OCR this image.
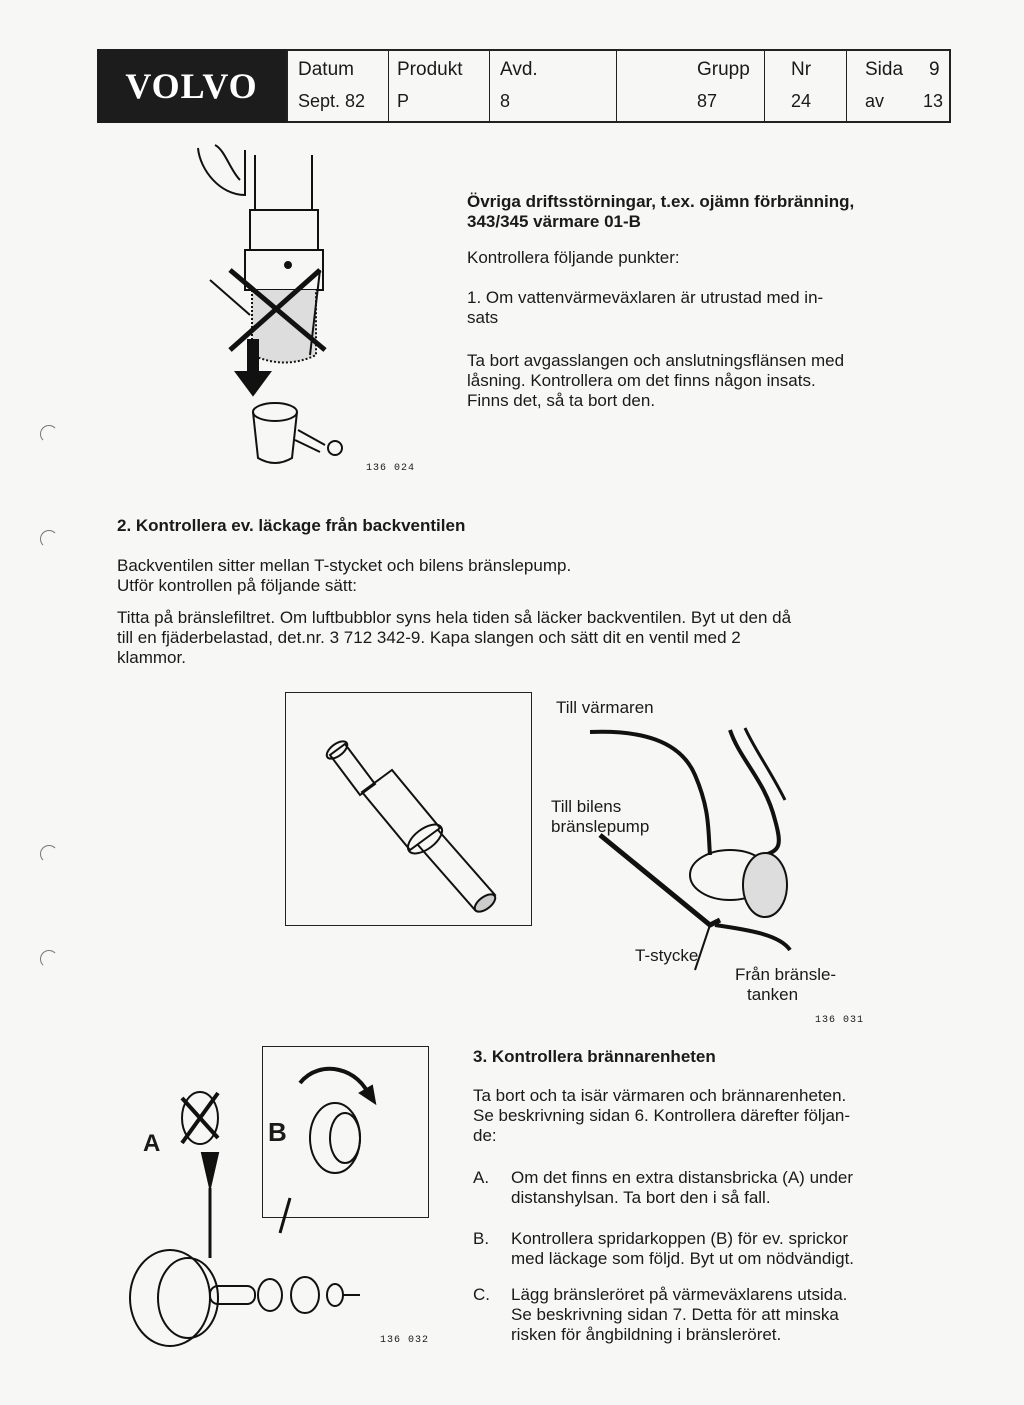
VOLVO Datum
Sept. 82
Produkt
P
Avd.
8
Grupp
87
Nr
24
Sida 9
av 13
136 024
Övriga driftsstörningar, t.ex. ojämn förbränning,
343/345 värmare 01-B
Kontrollera följande punkter:
1. Om vattenvärmeväxlaren är utrustad med in-
sats
Ta bort avgasslangen och anslutningsflänsen med
låsning. Kontrollera om det finns någon insats.
Finns det, så ta bort den.
2. Kontrollera ev. läckage från backventilen
Backventilen sitter mellan T-stycket och bilens bränslepump.
Utför kontrollen på följande sätt:
Titta på bränslefiltret. Om luftbubblor syns hela tiden så läcker backventilen. Byt ut den då
till en fjäderbelastad, det.nr. 3 712 342-9. Kapa slangen och sätt dit en ventil med 2
klammor.
Till värmaren
Till bilens
bränslepump
T-stycke
Från bränsle-
tanken
136 031
A	B
136 032
3. Kontrollera brännarenheten
Ta bort och ta isär värmaren och brännarenheten.
Se beskrivning sidan 6. Kontrollera därefter följan-
de:
A. Om det finns en extra distansbricka (A) under
distanshylsan. Ta bort den i så fall.
B. Kontrollera spridarkoppen (B) för ev. sprickor
med läckage som följd. Byt ut om nödvändigt.
C. Lägg bränsleröret på värmeväxlarens utsida.
Se beskrivning sidan 7. Detta för att minska
risken för ångbildning i bränsleröret.
